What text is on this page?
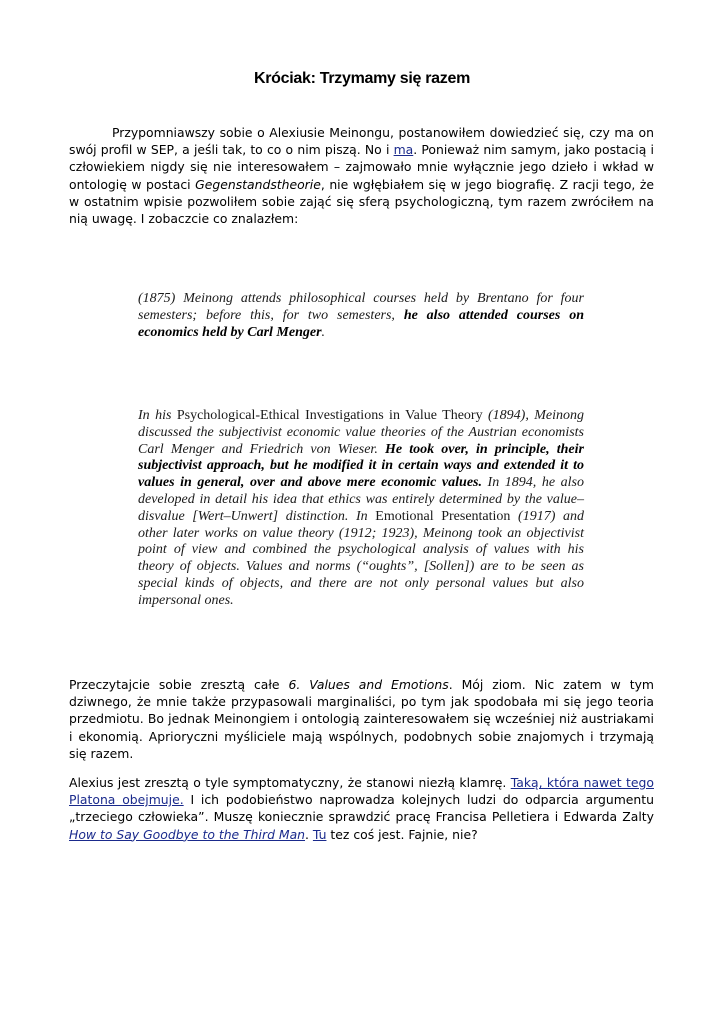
Króciak: Trzymamy się razem

Przypomniawszy sobie o Alexiusie Meinongu, postanowiłem dowiedzieć się, czy ma on swój profil w SEP, a jeśli tak, to co o nim piszą. No i ma. Ponieważ nim samym, jako postacią i człowiekiem nigdy się nie interesowałem – zajmowało mnie wyłącznie jego dzieło i wkład w ontologię w postaci Gegenstandstheorie, nie wgłębiałem się w jego biografię. Z racji tego, że w ostatnim wpisie pozwoliłem sobie zająć się sferą psychologiczną, tym razem zwróciłem na nią uwagę. I zobaczcie co znalazłem:

(1875) Meinong attends philosophical courses held by Brentano for four semesters; before this, for two semesters, he also attended courses on economics held by Carl Menger.

In his Psychological-Ethical Investigations in Value Theory (1894), Meinong discussed the subjectivist economic value theories of the Austrian economists Carl Menger and Friedrich von Wieser. He took over, in principle, their subjectivist approach, but he modified it in certain ways and extended it to values in general, over and above mere economic values. In 1894, he also developed in detail his idea that ethics was entirely determined by the value–disvalue [Wert–Unwert] distinction. In Emotional Presentation (1917) and other later works on value theory (1912; 1923), Meinong took an objectivist point of view and combined the psychological analysis of values with his theory of objects. Values and norms (“oughts”, [Sollen]) are to be seen as special kinds of objects, and there are not only personal values but also impersonal ones.

Przeczytajcie sobie zresztą całe 6. Values and Emotions. Mój ziom. Nic zatem w tym dziwnego, że mnie także przypasowali marginaliści, po tym jak spodobała mi się jego teoria przedmiotu. Bo jednak Meinongiem i ontologią zainteresowałem się wcześniej niż austriakami i ekonomią. Aprioryczni myśliciele mają wspólnych, podobnych sobie znajomych i trzymają się razem.

Alexius jest zresztą o tyle symptomatyczny, że stanowi niezłą klamrę. Taką, która nawet tego Platona obejmuje. I ich podobieństwo naprowadza kolejnych ludzi do odparcia argumentu „trzeciego człowieka”. Muszę koniecznie sprawdzić pracę Francisa Pelletiera i Edwarda Zalty How to Say Goodbye to the Third Man. Tu tez coś jest. Fajnie, nie?
